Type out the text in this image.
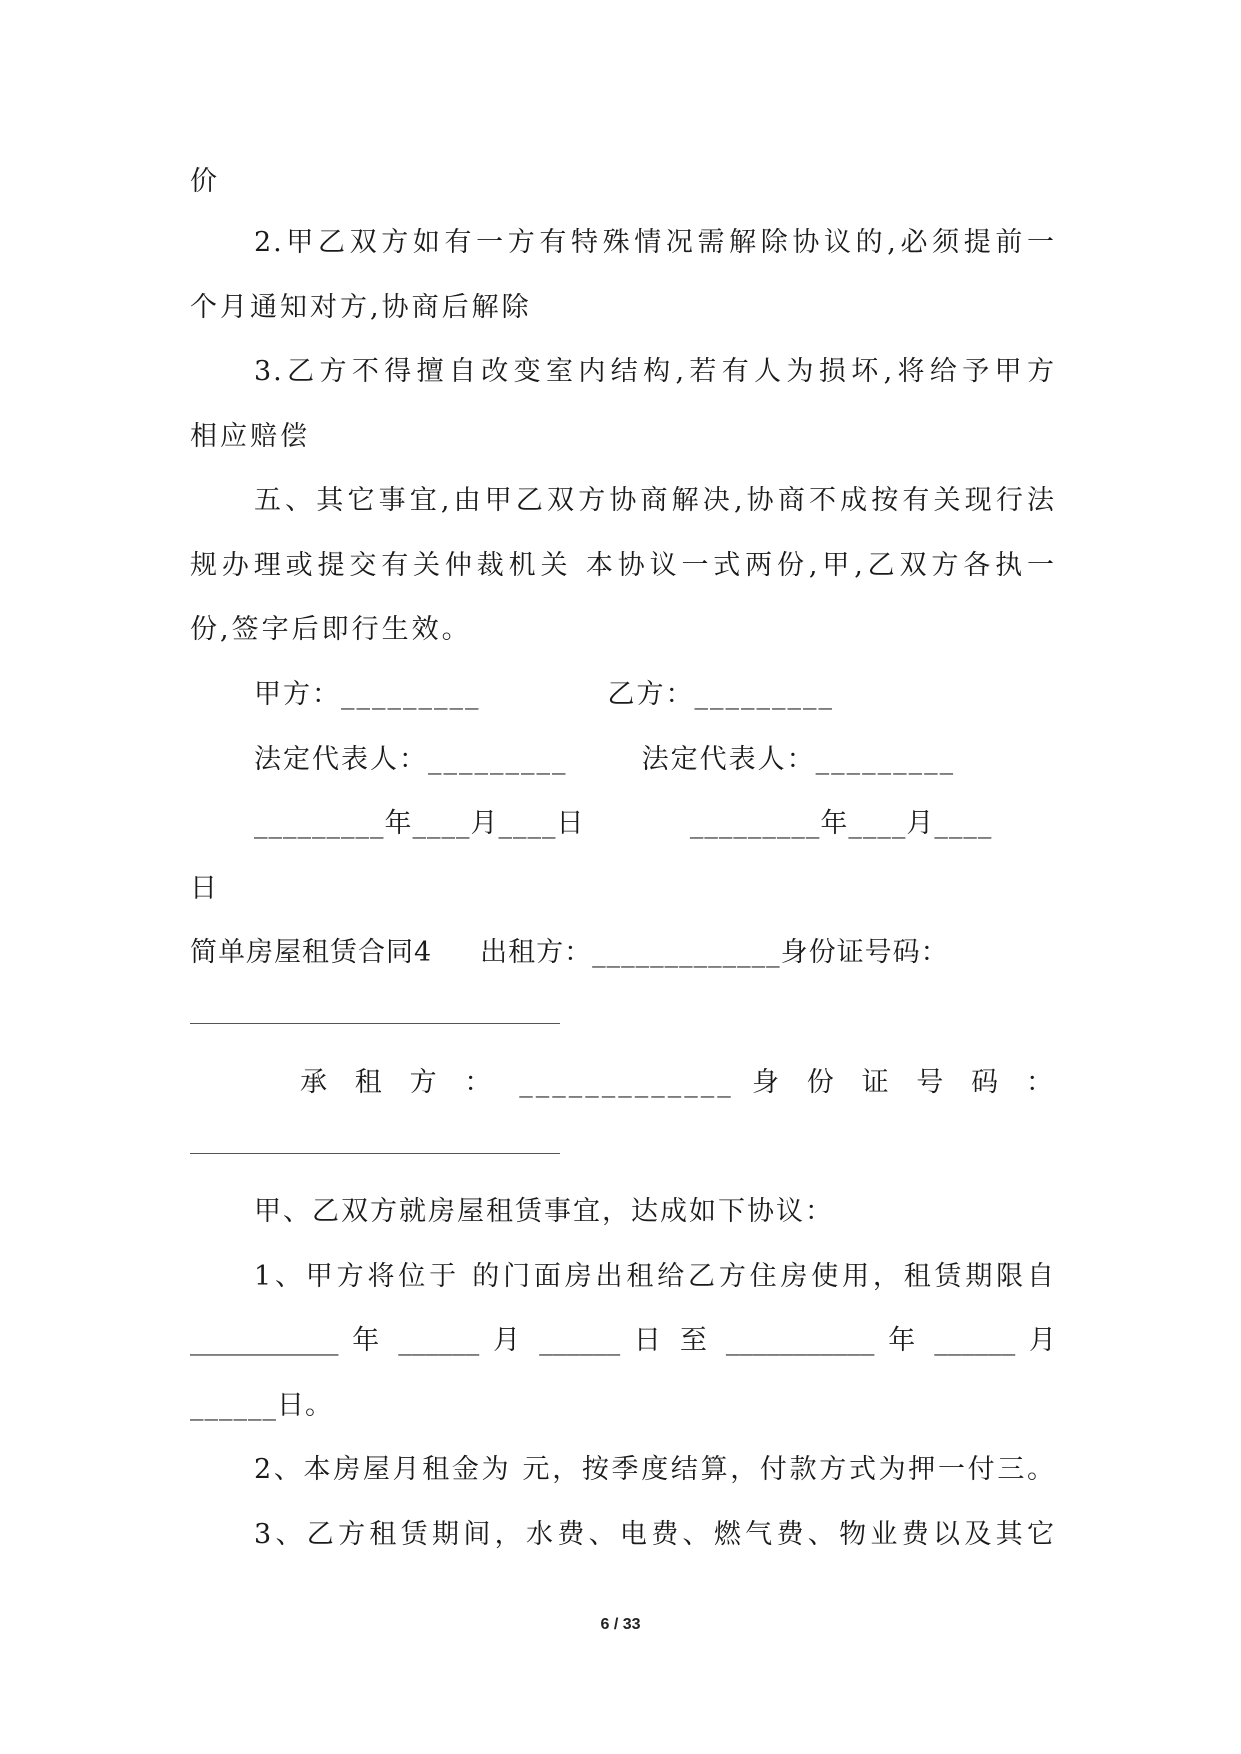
价
2.甲乙双方如有一方有特殊情况需解除协议的,必须提前一
个月通知对方,协商后解除
3.乙方不得擅自改变室内结构,若有人为损坏,将给予甲方
相应赔偿
五、其它事宜,由甲乙双方协商解决,协商不成按有关现行法
规办理或提交有关仲裁机关 本协议一式两份,甲,乙双方各执一
份,签字后即行生效。
甲方：_________            乙方：_________
法定代表人：_________       法定代表人：_________
_________年____月____日           _________年____月____
日
简单房屋租赁合同4     出租方：_____________身份证号码：
承 租 方 ： _____________ 身 份 证 号 码 ：
甲、乙双方就房屋租赁事宜，达成如下协议：
1、甲方将位于 的门面房出租给乙方住房使用，租赁期限自
___________ 年 ______ 月 ______ 日 至 ___________ 年 ______ 月
______日。
2、本房屋月租金为 元，按季度结算，付款方式为押一付三。
3、乙方租赁期间，水费、电费、燃气费、物业费以及其它
6 / 33
